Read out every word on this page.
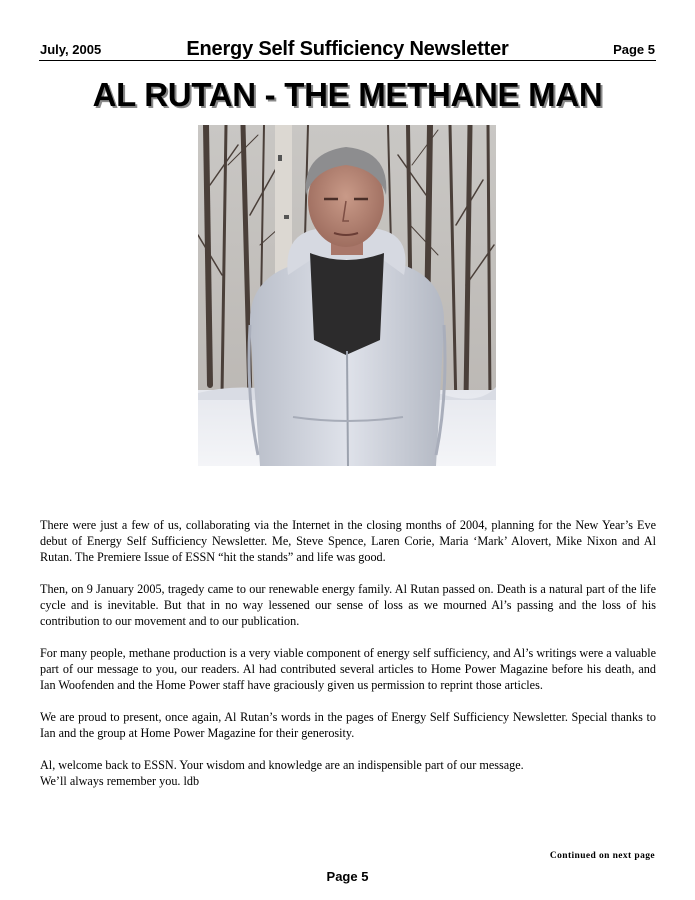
July, 2005	Energy Self Sufficiency Newsletter	Page 5
AL RUTAN - THE METHANE MAN

There were just a few of us, collaborating via the Internet in the closing months of 2004, planning for the New Year’s Eve debut of Energy Self Sufficiency Newsletter. Me, Steve Spence, Laren Corie, Maria ‘Mark’ Alovert, Mike Nixon and Al Rutan. The Premiere Issue of ESSN “hit the stands” and life was good.

Then, on 9 January 2005, tragedy came to our renewable energy family. Al Rutan passed on. Death is a natural part of the life cycle and is inevitable. But that in no way lessened our sense of loss as we mourned Al’s passing and the loss of his contribution to our movement and to our publication.

For many people, methane production is a very viable component of energy self sufficiency, and Al’s writings were a valuable part of our message to you, our readers. Al had contributed several articles to Home Power Magazine before his death, and Ian Woofenden and the Home Power staff have graciously given us permission to reprint those articles.

We are proud to present, once again, Al Rutan’s words in the pages of Energy Self Sufficiency Newsletter. Special thanks to Ian and the group at Home Power Magazine for their generosity.

Al, welcome back to ESSN. Your wisdom and knowledge are an indispensible part of our message.
We’ll always remember you. ldb

Continued on next page
Page 5
